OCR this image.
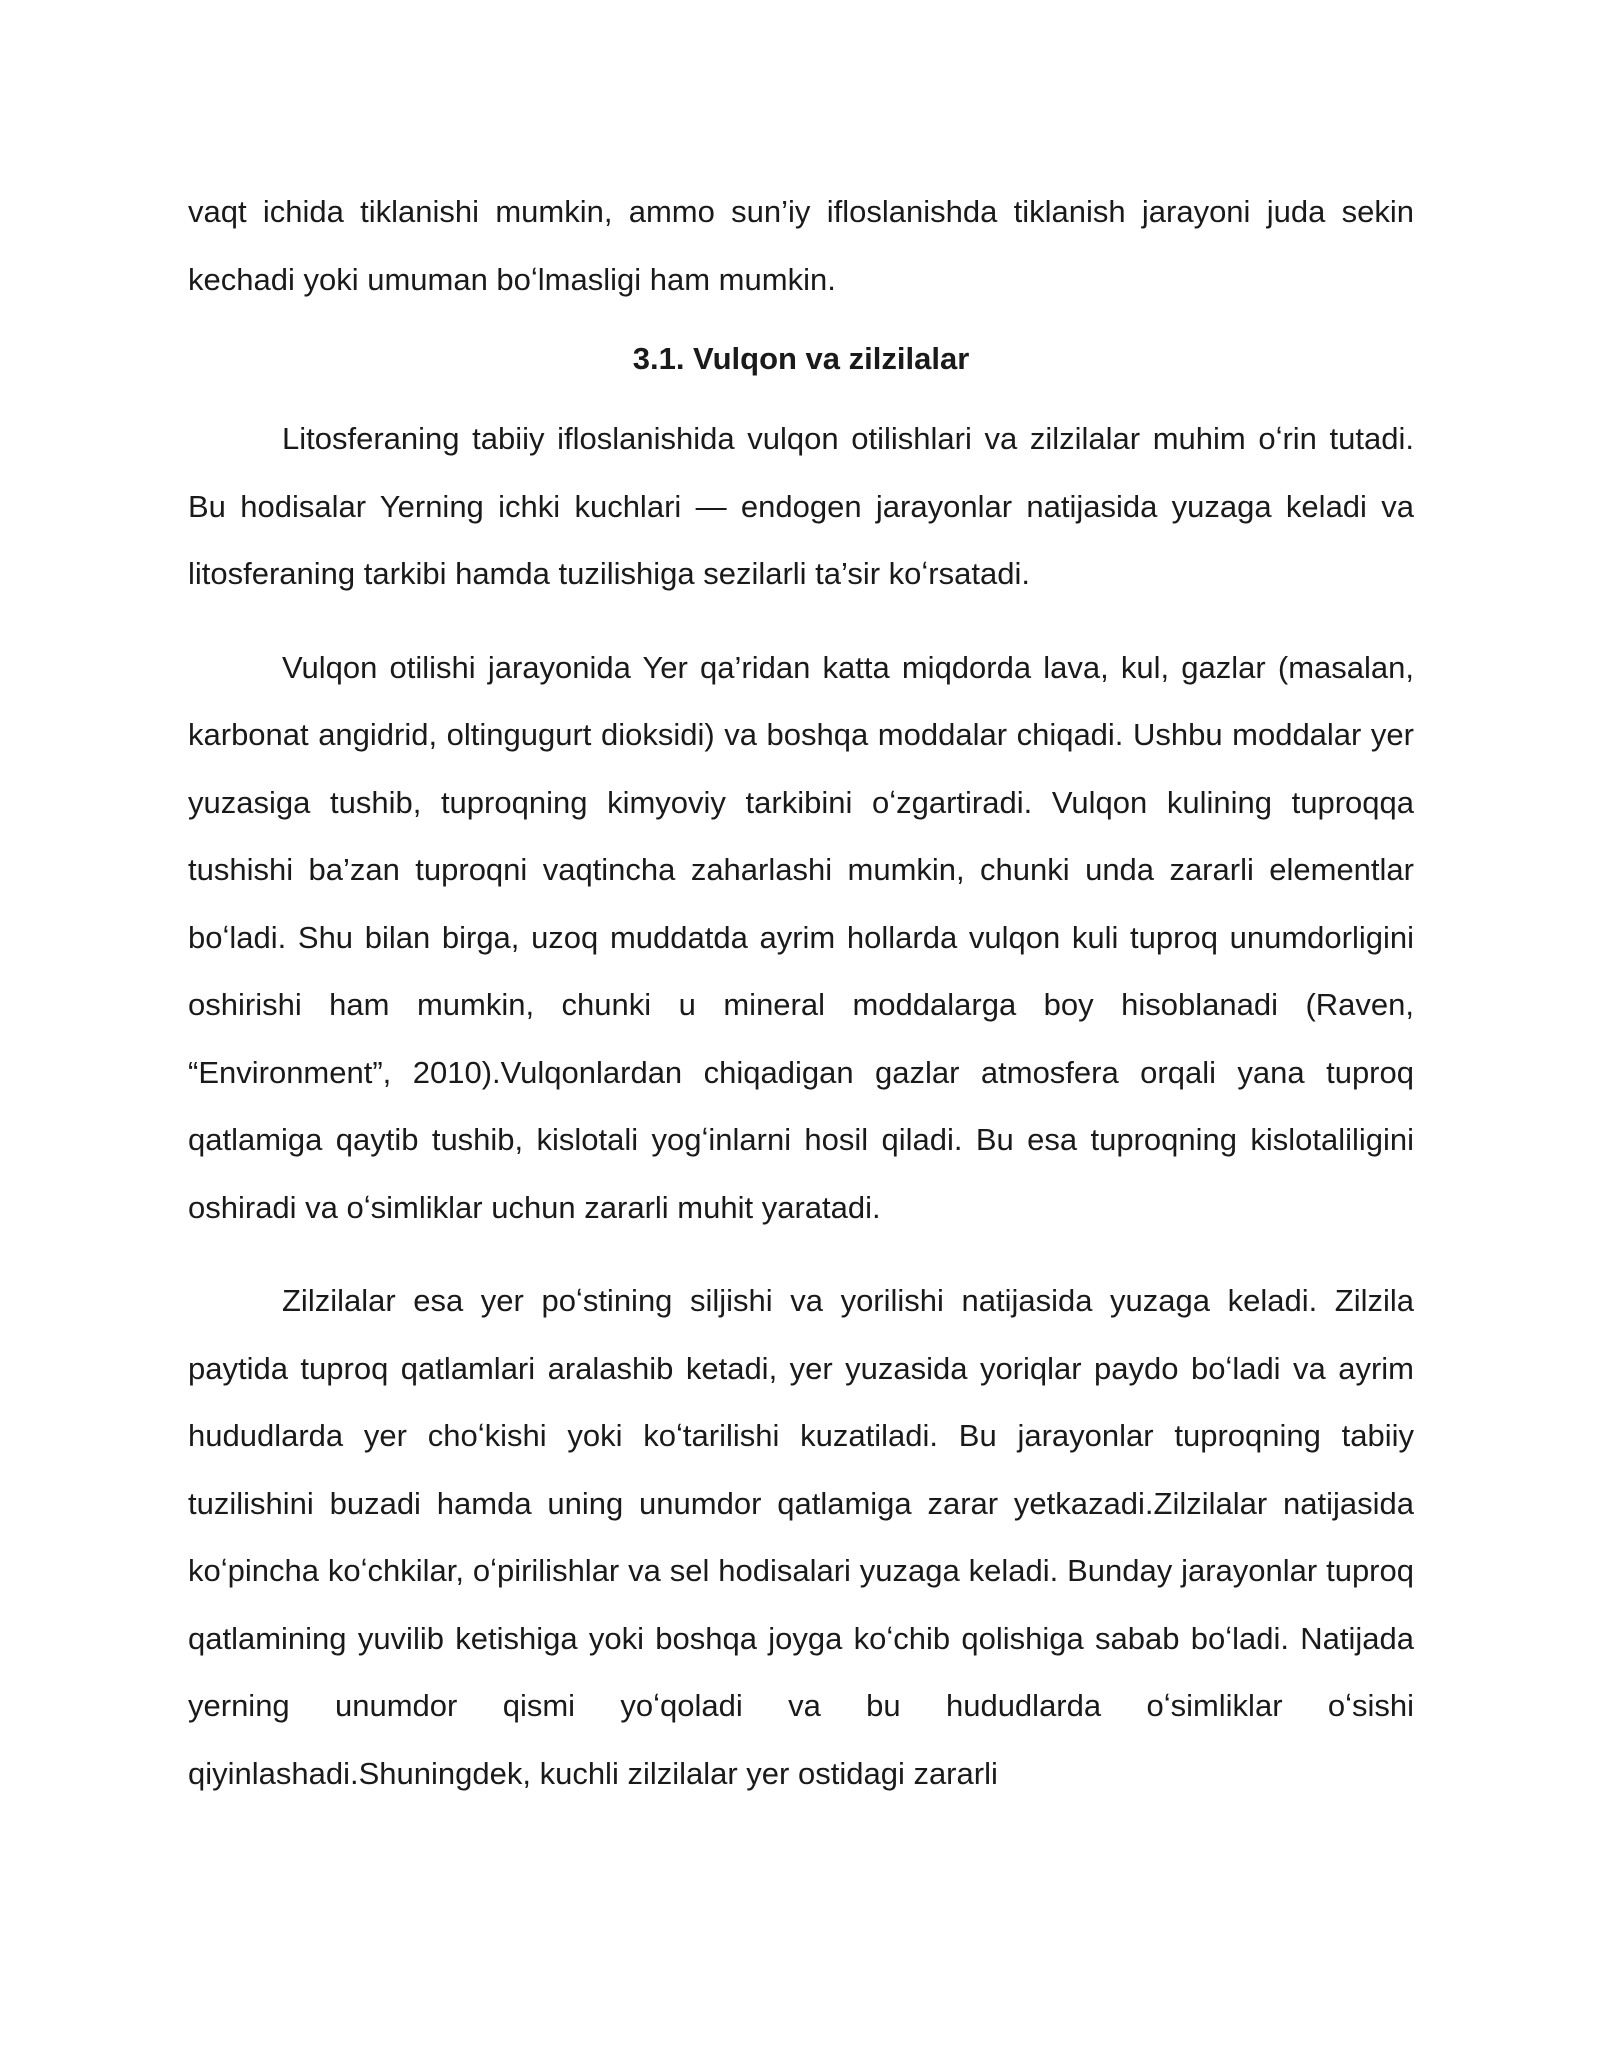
vaqt ichida tiklanishi mumkin, ammo sun’iy ifloslanishda tiklanish jarayoni juda sekin kechadi yoki umuman boʻlmasligi ham mumkin.

3.1. Vulqon va zilzilalar

Litosferaning tabiiy ifloslanishida vulqon otilishlari va zilzilalar muhim oʻrin tutadi. Bu hodisalar Yerning ichki kuchlari — endogen jarayonlar natijasida yuzaga keladi va litosferaning tarkibi hamda tuzilishiga sezilarli ta’sir koʻrsatadi.

Vulqon otilishi jarayonida Yer qa’ridan katta miqdorda lava, kul, gazlar (masalan, karbonat angidrid, oltingugurt dioksidi) va boshqa moddalar chiqadi. Ushbu moddalar yer yuzasiga tushib, tuproqning kimyoviy tarkibini oʻzgartiradi. Vulqon kulining tuproqqa tushishi ba’zan tuproqni vaqtincha zaharlashi mumkin, chunki unda zararli elementlar boʻladi. Shu bilan birga, uzoq muddatda ayrim hollarda vulqon kuli tuproq unumdorligini oshirishi ham mumkin, chunki u mineral moddalarga boy hisoblanadi (Raven, “Environment”, 2010).Vulqonlardan chiqadigan gazlar atmosfera orqali yana tuproq qatlamiga qaytib tushib, kislotali yogʻinlarni hosil qiladi. Bu esa tuproqning kislotaliligini oshiradi va oʻsimliklar uchun zararli muhit yaratadi.

Zilzilalar esa yer poʻstining siljishi va yorilishi natijasida yuzaga keladi. Zilzila paytida tuproq qatlamlari aralashib ketadi, yer yuzasida yoriqlar paydo boʻladi va ayrim hududlarda yer choʻkishi yoki koʻtarilishi kuzatiladi. Bu jarayonlar tuproqning tabiiy tuzilishini buzadi hamda uning unumdor qatlamiga zarar yetkazadi.Zilzilalar natijasida koʻpincha koʻchkilar, oʻpirilishlar va sel hodisalari yuzaga keladi. Bunday jarayonlar tuproq qatlamining yuvilib ketishiga yoki boshqa joyga koʻchib qolishiga sabab boʻladi. Natijada yerning unumdor qismi yoʻqoladi va bu hududlarda oʻsimliklar oʻsishi qiyinlashadi.Shuningdek, kuchli zilzilalar yer ostidagi zararli
